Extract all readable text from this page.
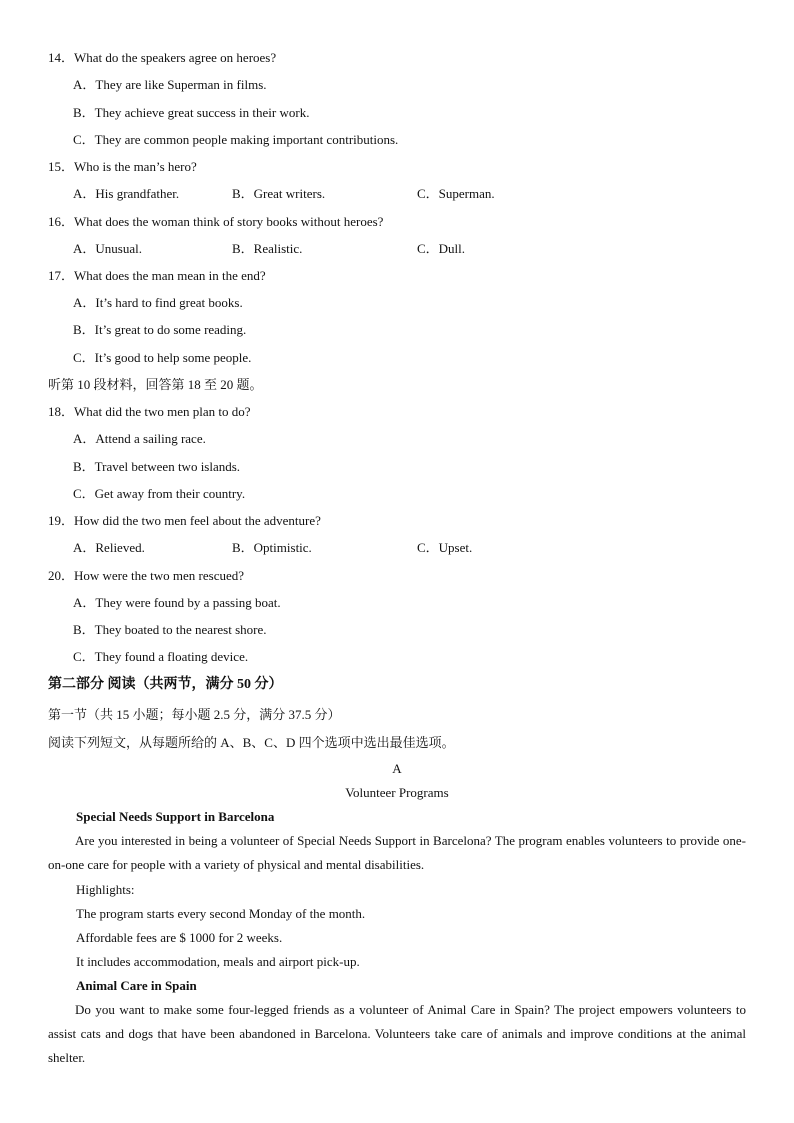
14．What do the speakers agree on heroes?
A．They are like Superman in films.
B．They achieve great success in their work.
C．They are common people making important contributions.
15．Who is the man’s hero?
A．His grandfather.	B．Great writers.	C．Superman.
16．What does the woman think of story books without heroes?
A．Unusual.	B．Realistic.	C．Dull.
17．What does the man mean in the end?
A．It’s hard to find great books.
B．It’s great to do some reading.
C．It’s good to help some people.
听第 10 段材料，回答第 18 至 20 题。
18．What did the two men plan to do?
A．Attend a sailing race.
B．Travel between two islands.
C．Get away from their country.
19．How did the two men feel about the adventure?
A．Relieved.	B．Optimistic.	C．Upset.
20．How were the two men rescued?
A．They were found by a passing boat.
B．They boated to the nearest shore.
C．They found a floating device.
第二部分 阅读（共两节，满分 50 分）
第一节（共 15 小题；每小题 2.5 分，满分 37.5 分）
阅读下列短文，从每题所给的 A、B、C、D 四个选项中选出最佳选项。
A
Volunteer Programs
Special Needs Support in Barcelona
Are you interested in being a volunteer of Special Needs Support in Barcelona? The program enables volunteers to provide one-on-one care for people with a variety of physical and mental disabilities.
Highlights:
The program starts every second Monday of the month.
Affordable fees are $ 1000 for 2 weeks.
It includes accommodation, meals and airport pick-up.
Animal Care in Spain
Do you want to make some four-legged friends as a volunteer of Animal Care in Spain? The project empowers volunteers to assist cats and dogs that have been abandoned in Barcelona. Volunteers take care of animals and improve conditions at the animal shelter.
